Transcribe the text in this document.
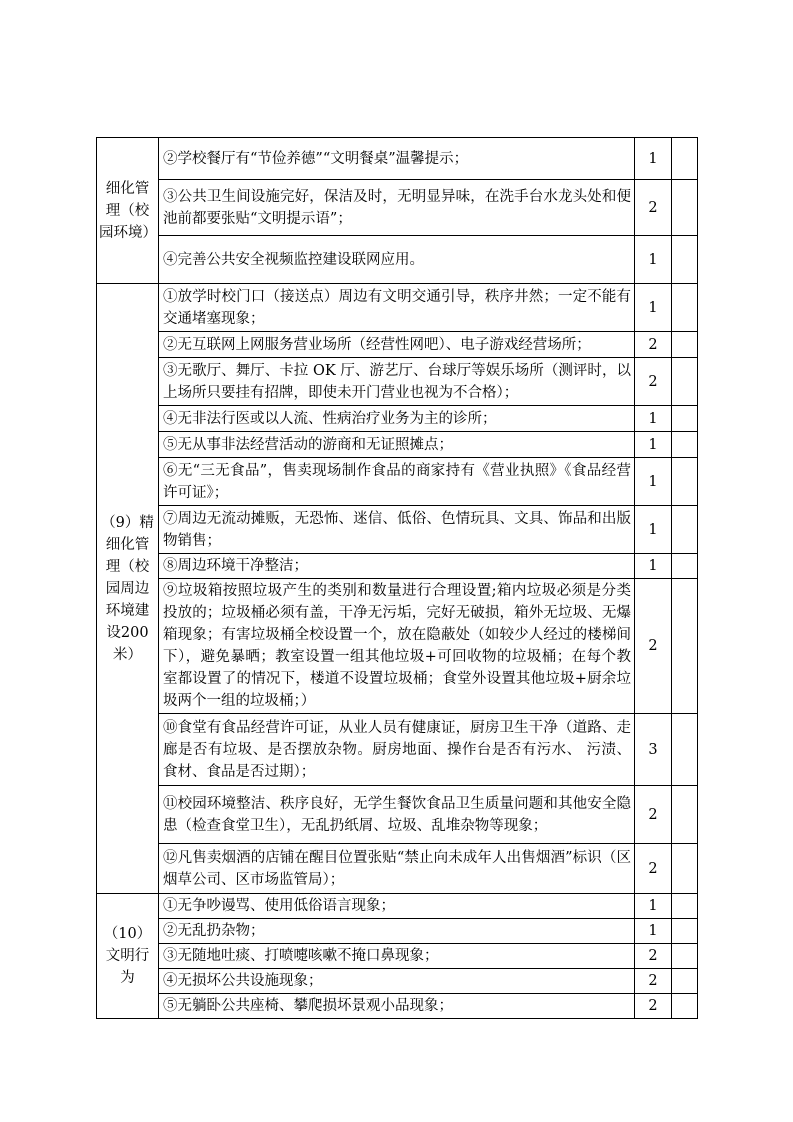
细化管理（校园环境）	②学校餐厅有“节俭养德”“文明餐桌”温馨提示；	1	
	③公共卫生间设施完好，保洁及时，无明显异味，在洗手台水龙头处和便池前都要张贴“文明提示语”；	2	
	④完善公共安全视频监控建设联网应用。	1	
（9）精细化管理（校园周边环境建设200米）	①放学时校门口（接送点）周边有文明交通引导，秩序井然；一定不能有交通堵塞现象；	1	
	②无互联网上网服务营业场所（经营性网吧）、电子游戏经营场所；	2	
	③无歌厅、舞厅、卡拉 OK 厅、游艺厅、台球厅等娱乐场所（测评时，以上场所只要挂有招牌，即使未开门营业也视为不合格）；	2	
	④无非法行医或以人流、性病治疗业务为主的诊所；	1	
	⑤无从事非法经营活动的游商和无证照摊点；	1	
	⑥无“三无食品”，售卖现场制作食品的商家持有《营业执照》《食品经营许可证》；	1	
	⑦周边无流动摊贩，无恐怖、迷信、低俗、色情玩具、文具、饰品和出版物销售；	1	
	⑧周边环境干净整洁；	1	
	⑨垃圾箱按照垃圾产生的类别和数量进行合理设置;箱内垃圾必须是分类投放的；垃圾桶必须有盖，干净无污垢，完好无破损，箱外无垃圾、无爆箱现象；有害垃圾桶全校设置一个，放在隐蔽处（如较少人经过的楼梯间下），避免暴晒；教室设置一组其他垃圾+可回收物的垃圾桶；在每个教室都设置了的情况下，楼道不设置垃圾桶；食堂外设置其他垃圾+厨余垃圾两个一组的垃圾桶；）	2	
	⑩食堂有食品经营许可证，从业人员有健康证，厨房卫生干净（道路、走廊是否有垃圾、是否摆放杂物。厨房地面、操作台是否有污水、 污渍、食材、食品是否过期）；	3	
	⑪校园环境整洁、秩序良好，无学生餐饮食品卫生质量问题和其他安全隐患（检查食堂卫生），无乱扔纸屑、垃圾、乱堆杂物等现象；	2	
	⑫凡售卖烟酒的店铺在醒目位置张贴“禁止向未成年人出售烟酒”标识（区烟草公司、区市场监管局）；	2	
（10）文明行为	①无争吵谩骂、使用低俗语言现象；	1	
	②无乱扔杂物；	1	
	③无随地吐痰、打喷嚏咳嗽不掩口鼻现象；	2	
	④无损坏公共设施现象；	2	
	⑤无躺卧公共座椅、攀爬损坏景观小品现象；	2	
